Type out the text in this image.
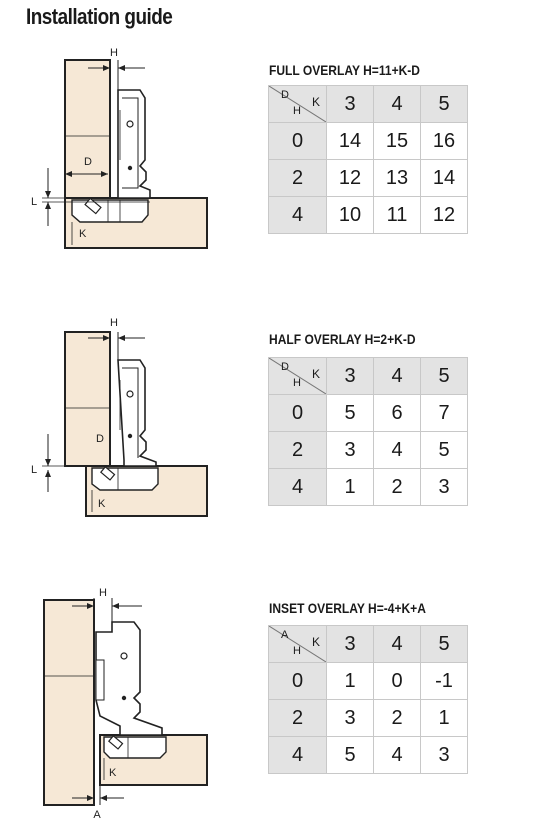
Installation guide
H
D
L
K
H
D
L
K
H
K
A
FULL OVERLAY H=11+K-D
D
H
K	3	4	5
0	14	15	16
2	12	13	14
4	10	11	12
HALF OVERLAY H=2+K-D
D
H
K	3	4	5
0	5	6	7
2	3	4	5
4	1	2	3
INSET OVERLAY H=-4+K+A
A
H
K	3	4	5
0	1	0	-1
2	3	2	1
4	5	4	3
